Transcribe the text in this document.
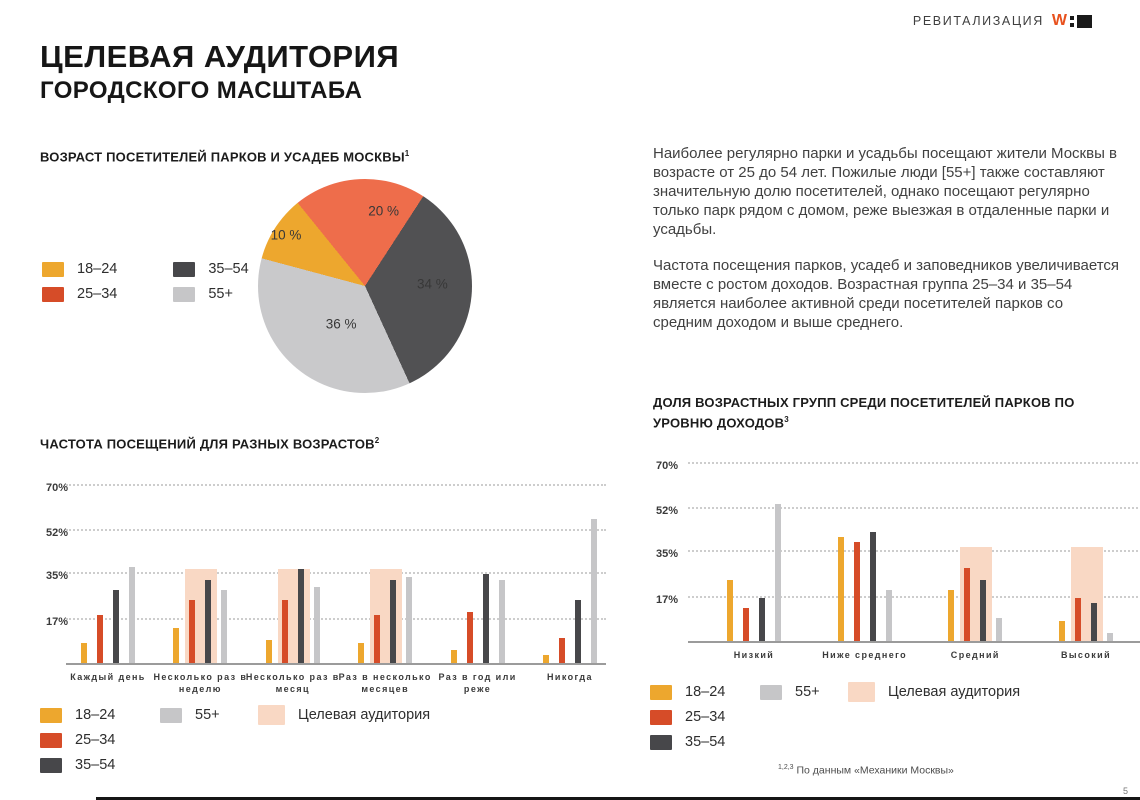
РЕВИТАЛИЗАЦИЯ W
ЦЕЛЕВАЯ АУДИТОРИЯ
ГОРОДСКОГО МАСШТАБА
ВОЗРАСТ ПОСЕТИТЕЛЕЙ ПАРКОВ И УСАДЕБ МОСКВЫ$^1$
10 %
20 %
34 %
36 %
18–24
25–34
35–54
55+
Наиболее регулярно парки и усадьбы посещают жители Москвы в возрасте от 25 до 54 лет. Пожилые люди [55+] также составляют значительную долю посетителей, однако посещают регулярно только парк рядом с домом, реже выезжая в отдаленные парки и усадьбы.
Частота посещения парков, усадеб и заповедников увеличивается вместе с ростом доходов. Возрастная группа 25–34 и 35–54 является наиболее активной среди посетителей парков со средним доходом и выше среднего.
ЧАСТОТА ПОСЕЩЕНИЙ ДЛЯ РАЗНЫХ ВОЗРАСТОВ$^2$
17%
35%
52%
70%
Каждый день Несколько раз в неделю
Несколько раз в месяц
Раз в несколько месяцев
Раз в год или реже
Никогда
18–24
25–34
35–54
55+	Целевая аудитория
ДОЛЯ ВОЗРАСТНЫХ ГРУПП СРЕДИ ПОСЕТИТЕЛЕЙ ПАРКОВ ПО УРОВНЮ ДОХОДОВ$^3$
17%
35%
52%
70%
Низкий	Ниже среднего	Средний	Высокий
18–24
25–34
35–54
55+	Целевая аудитория
$^{1,2,3}$ По данным «Механики Москвы»
5
